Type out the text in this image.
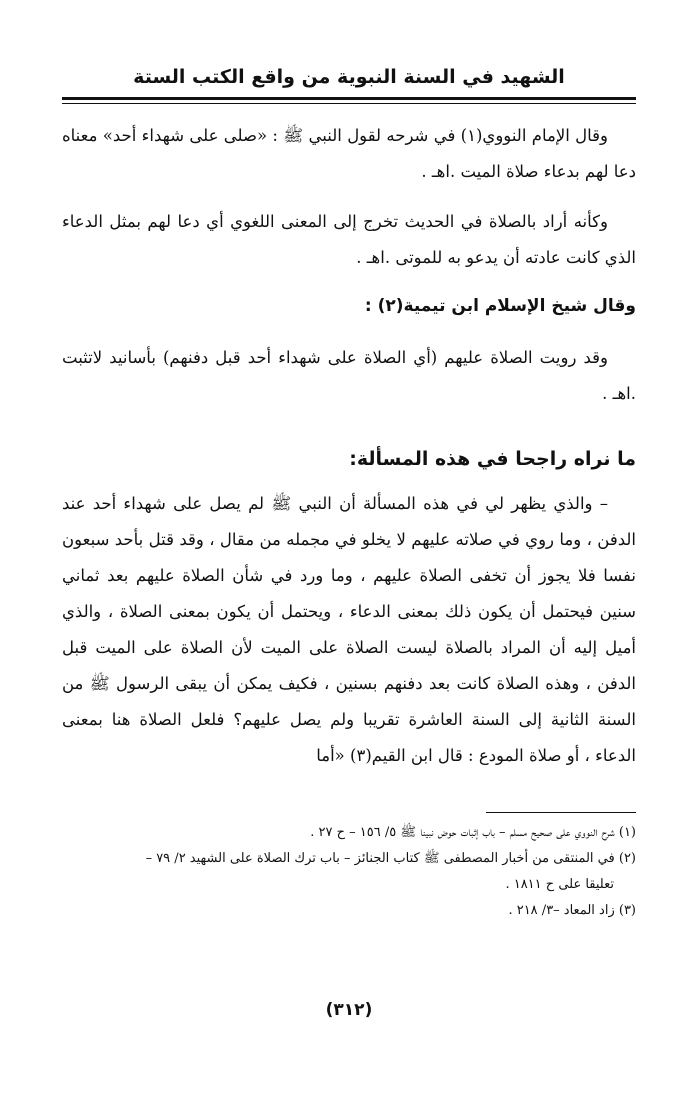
الشهيد في السنة النبوية من واقع الكتب الستة

وقال الإمام النووي(١) في شرحه لقول النبي ﷺ : «صلى على شهداء أحد» معناه دعا لهم بدعاء صلاة الميت .اهـ .

وكأنه أراد بالصلاة في الحديث تخرج إلى المعنى اللغوي أي دعا لهم بمثل الدعاء الذي كانت عادته أن يدعو به للموتى .اهـ .

وقال شيخ الإسلام ابن تيمية(٢) :

وقد رويت الصلاة عليهم (أي الصلاة على شهداء أحد قبل دفنهم) بأسانيد لاتثبت .اهـ .

ما نراه راجحا في هذه المسألة:

– والذي يظهر لي في هذه المسألة أن النبي ﷺ لم يصل على شهداء أحد عند الدفن ، وما روي في صلاته عليهم لا يخلو في مجمله من مقال ، وقد قتل بأحد سبعون نفسا فلا يجوز أن تخفى الصلاة عليهم ، وما ورد في شأن الصلاة عليهم بعد ثماني سنين فيحتمل أن يكون ذلك بمعنى الدعاء ، ويحتمل أن يكون بمعنى الصلاة ، والذي أميل إليه أن المراد بالصلاة ليست الصلاة على الميت لأن الصلاة على الميت قبل الدفن ، وهذه الصلاة كانت بعد دفنهم بسنين ، فكيف يمكن أن يبقى الرسول ﷺ من السنة الثانية إلى السنة العاشرة تقريبا ولم يصل عليهم؟ فلعل الصلاة هنا بمعنى الدعاء ، أو صلاة المودع : قال ابن القيم(٣) «أما

(١) شرح النووي على صحيح مسلم – باب إثبات حوض نبينا ﷺ ٥/ ١٥٦ – ح ٢٧ .

(٢) في المنتقى من أخبار المصطفى ﷺ كتاب الجنائز – باب ترك الصلاة على الشهيد ٢/ ٧٩ –

تعليقا على ح ١٨١١ .

(٣) زاد المعاد –٣/ ٢١٨ .

(٣١٢)
